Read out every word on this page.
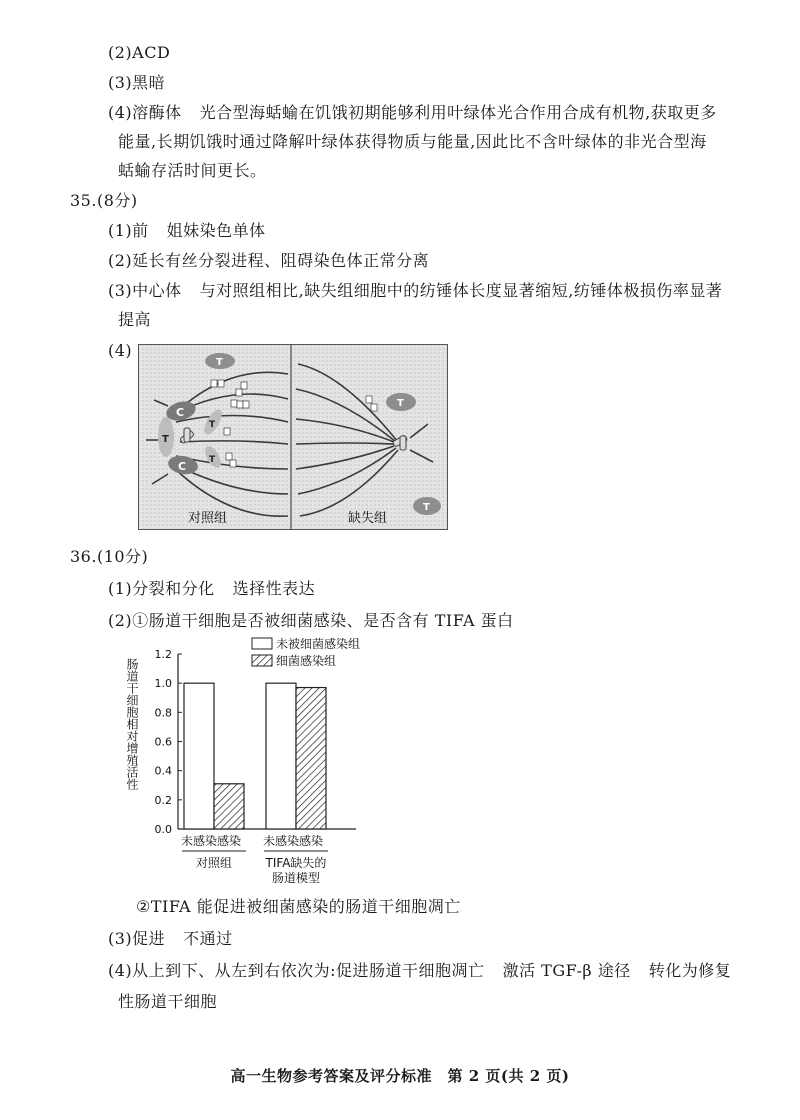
(2)ACD
(3)黑暗
(4)溶酶体 光合型海蛞蝓在饥饿初期能够利用叶绿体光合作用合成有机物,获取更多
能量,长期饥饿时通过降解叶绿体获得物质与能量,因此比不含叶绿体的非光合型海
蛞蝓存活时间更长。
35.(8分)
(1)前 姐妹染色单体
(2)延长有丝分裂进程、阻碍染色体正常分离
(3)中心体 与对照组相比,缺失组细胞中的纺锤体长度显著缩短,纺锤体极损伤率显著
提高
(4)
C
C
T
T
T
T
对照组
T
T
缺失组
36.(10分)
(1)分裂和分化 选择性表达
(2)①肠道干细胞是否被细菌感染、是否含有 TIFA 蛋白
0.0
0.2
0.4
0.6
0.8
1.0
1.2
肠道干细胞相对增殖活性
未被细菌感染组
细菌感染组
未感染 感染 未感染 感染
对照组	TIFA缺失的
肠道模型
②TIFA 能促进被细菌感染的肠道干细胞凋亡
(3)促进 不通过
(4)从上到下、从左到右依次为:促进肠道干细胞凋亡 激活 TGF-β 途径 转化为修复
性肠道干细胞
高一生物参考答案及评分标准　第 2 页(共 2 页)
